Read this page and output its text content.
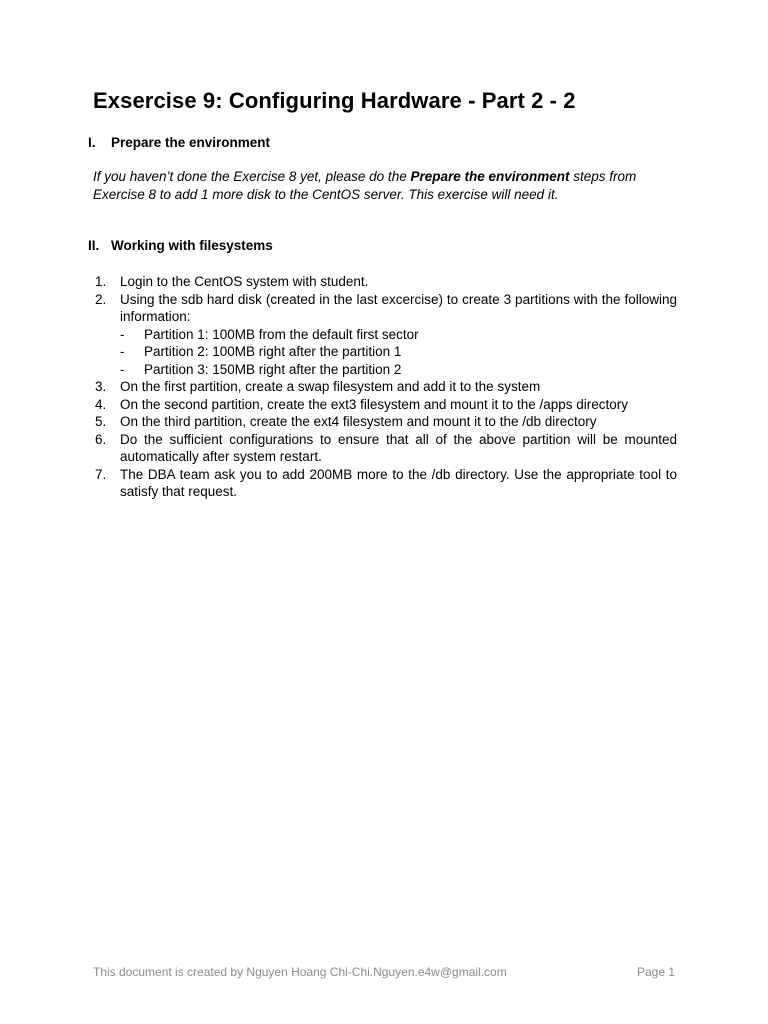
Exsercise 9: Configuring Hardware - Part 2 - 2
I. Prepare the environment
If you haven’t done the Exercise 8 yet, please do the Prepare the environment steps from Exercise 8 to add 1 more disk to the CentOS server. This exercise will need it.
II. Working with filesystems
1. Login to the CentOS system with student.
2. Using the sdb hard disk (created in the last excercise) to create 3 partitions with the following information:
- Partition 1: 100MB from the default first sector
- Partition 2: 100MB right after the partition 1
- Partition 3: 150MB right after the partition 2
3. On the first partition, create a swap filesystem and add it to the system
4. On the second partition, create the ext3 filesystem and mount it to the /apps directory
5. On the third partition, create the ext4 filesystem and mount it to the /db directory
6. Do the sufficient configurations to ensure that all of the above partition will be mounted automatically after system restart.
7. The DBA team ask you to add 200MB more to the /db directory. Use the appropriate tool to satisfy that request.
This document is created by Nguyen Hoang Chi-Chi.Nguyen.e4w@gmail.com	Page 1
